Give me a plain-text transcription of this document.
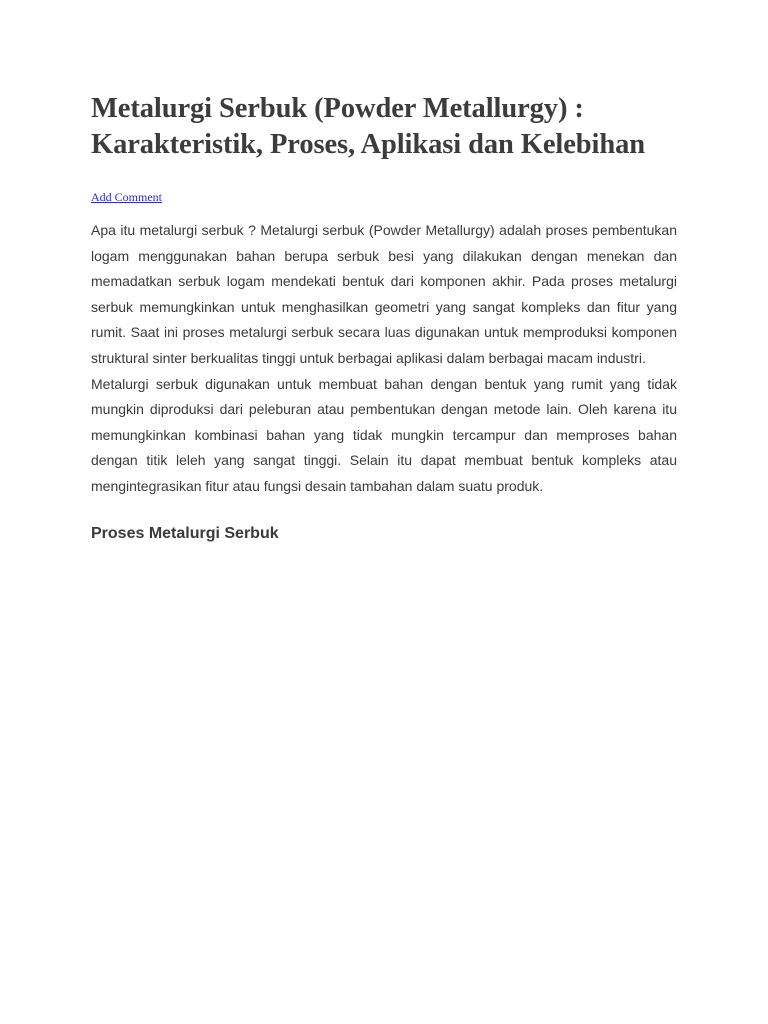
Metalurgi Serbuk (Powder Metallurgy) : Karakteristik, Proses, Aplikasi dan Kelebihan
Add Comment

Apa itu metalurgi serbuk ? Metalurgi serbuk (Powder Metallurgy) adalah proses pembentukan logam menggunakan bahan berupa serbuk besi yang dilakukan dengan menekan dan memadatkan serbuk logam mendekati bentuk dari komponen akhir. Pada proses metalurgi serbuk memungkinkan untuk menghasilkan geometri yang sangat kompleks dan fitur yang rumit. Saat ini proses metalurgi serbuk secara luas digunakan untuk memproduksi komponen struktural sinter berkualitas tinggi untuk berbagai aplikasi dalam berbagai macam industri.

Metalurgi serbuk digunakan untuk membuat bahan dengan bentuk yang rumit yang tidak mungkin diproduksi dari peleburan atau pembentukan dengan metode lain. Oleh karena itu memungkinkan kombinasi bahan yang tidak mungkin tercampur dan memproses bahan dengan titik leleh yang sangat tinggi. Selain itu dapat membuat bentuk kompleks atau mengintegrasikan fitur atau fungsi desain tambahan dalam suatu produk.

Proses Metalurgi Serbuk
